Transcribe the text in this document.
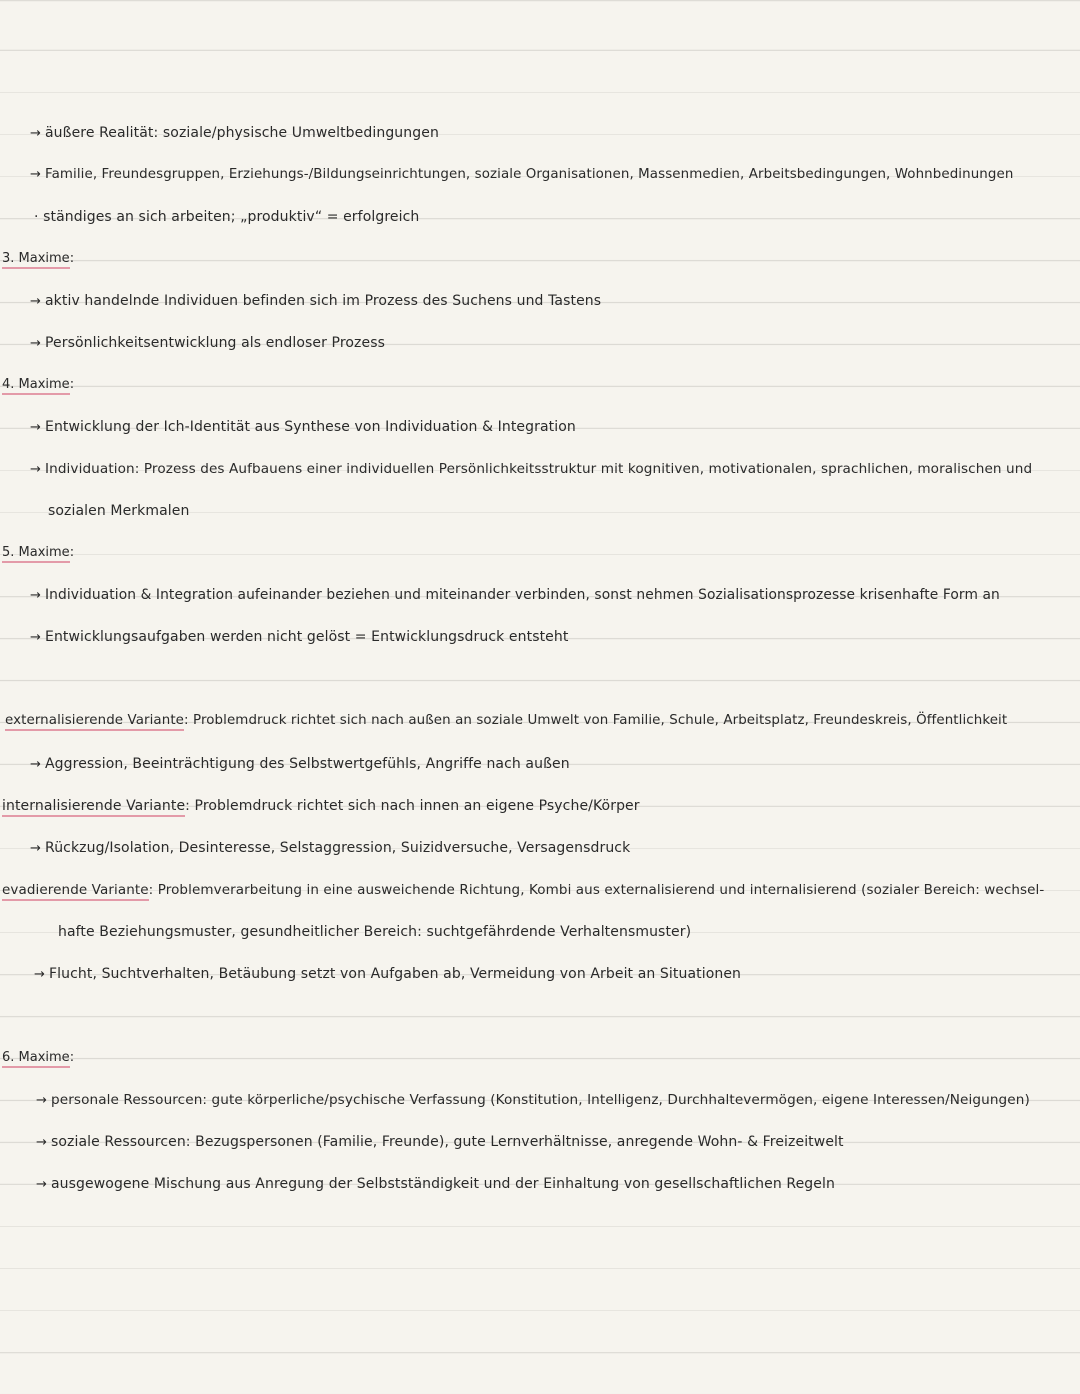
→ äußere Realität: soziale/physische Umweltbedingungen
→ Familie, Freundesgruppen, Erziehungs-/Bildungseinrichtungen, soziale Organisationen, Massenmedien, Arbeitsbedingungen, Wohnbedinungen
· ständiges an sich arbeiten; „produktiv“ = erfolgreich
3. Maxime:
→ aktiv handelnde Individuen befinden sich im Prozess des Suchens und Tastens
→ Persönlichkeitsentwicklung als endloser Prozess
4. Maxime:
→ Entwicklung der Ich-Identität aus Synthese von Individuation & Integration
→ Individuation: Prozess des Aufbauens einer individuellen Persönlichkeitsstruktur mit kognitiven, motivationalen, sprachlichen, moralischen und
sozialen Merkmalen
5. Maxime:
→ Individuation & Integration aufeinander beziehen und miteinander verbinden, sonst nehmen Sozialisationsprozesse krisenhafte Form an
→ Entwicklungsaufgaben werden nicht gelöst = Entwicklungsdruck entsteht
externalisierende Variante: Problemdruck richtet sich nach außen an soziale Umwelt von Familie, Schule, Arbeitsplatz, Freundeskreis, Öffentlichkeit
→ Aggression, Beeinträchtigung des Selbstwertgefühls, Angriffe nach außen
internalisierende Variante: Problemdruck richtet sich nach innen an eigene Psyche/Körper
→ Rückzug/Isolation, Desinteresse, Selstaggression, Suizidversuche, Versagensdruck
evadierende Variante: Problemverarbeitung in eine ausweichende Richtung, Kombi aus externalisierend und internalisierend (sozialer Bereich: wechsel-
hafte Beziehungsmuster, gesundheitlicher Bereich: suchtgefährdende Verhaltensmuster)
→ Flucht, Suchtverhalten, Betäubung setzt von Aufgaben ab, Vermeidung von Arbeit an Situationen
6. Maxime:
→ personale Ressourcen: gute körperliche/psychische Verfassung (Konstitution, Intelligenz, Durchhaltevermögen, eigene Interessen/Neigungen)
→ soziale Ressourcen: Bezugspersonen (Familie, Freunde), gute Lernverhältnisse, anregende Wohn- & Freizeitwelt
→ ausgewogene Mischung aus Anregung der Selbstständigkeit und der Einhaltung von gesellschaftlichen Regeln
